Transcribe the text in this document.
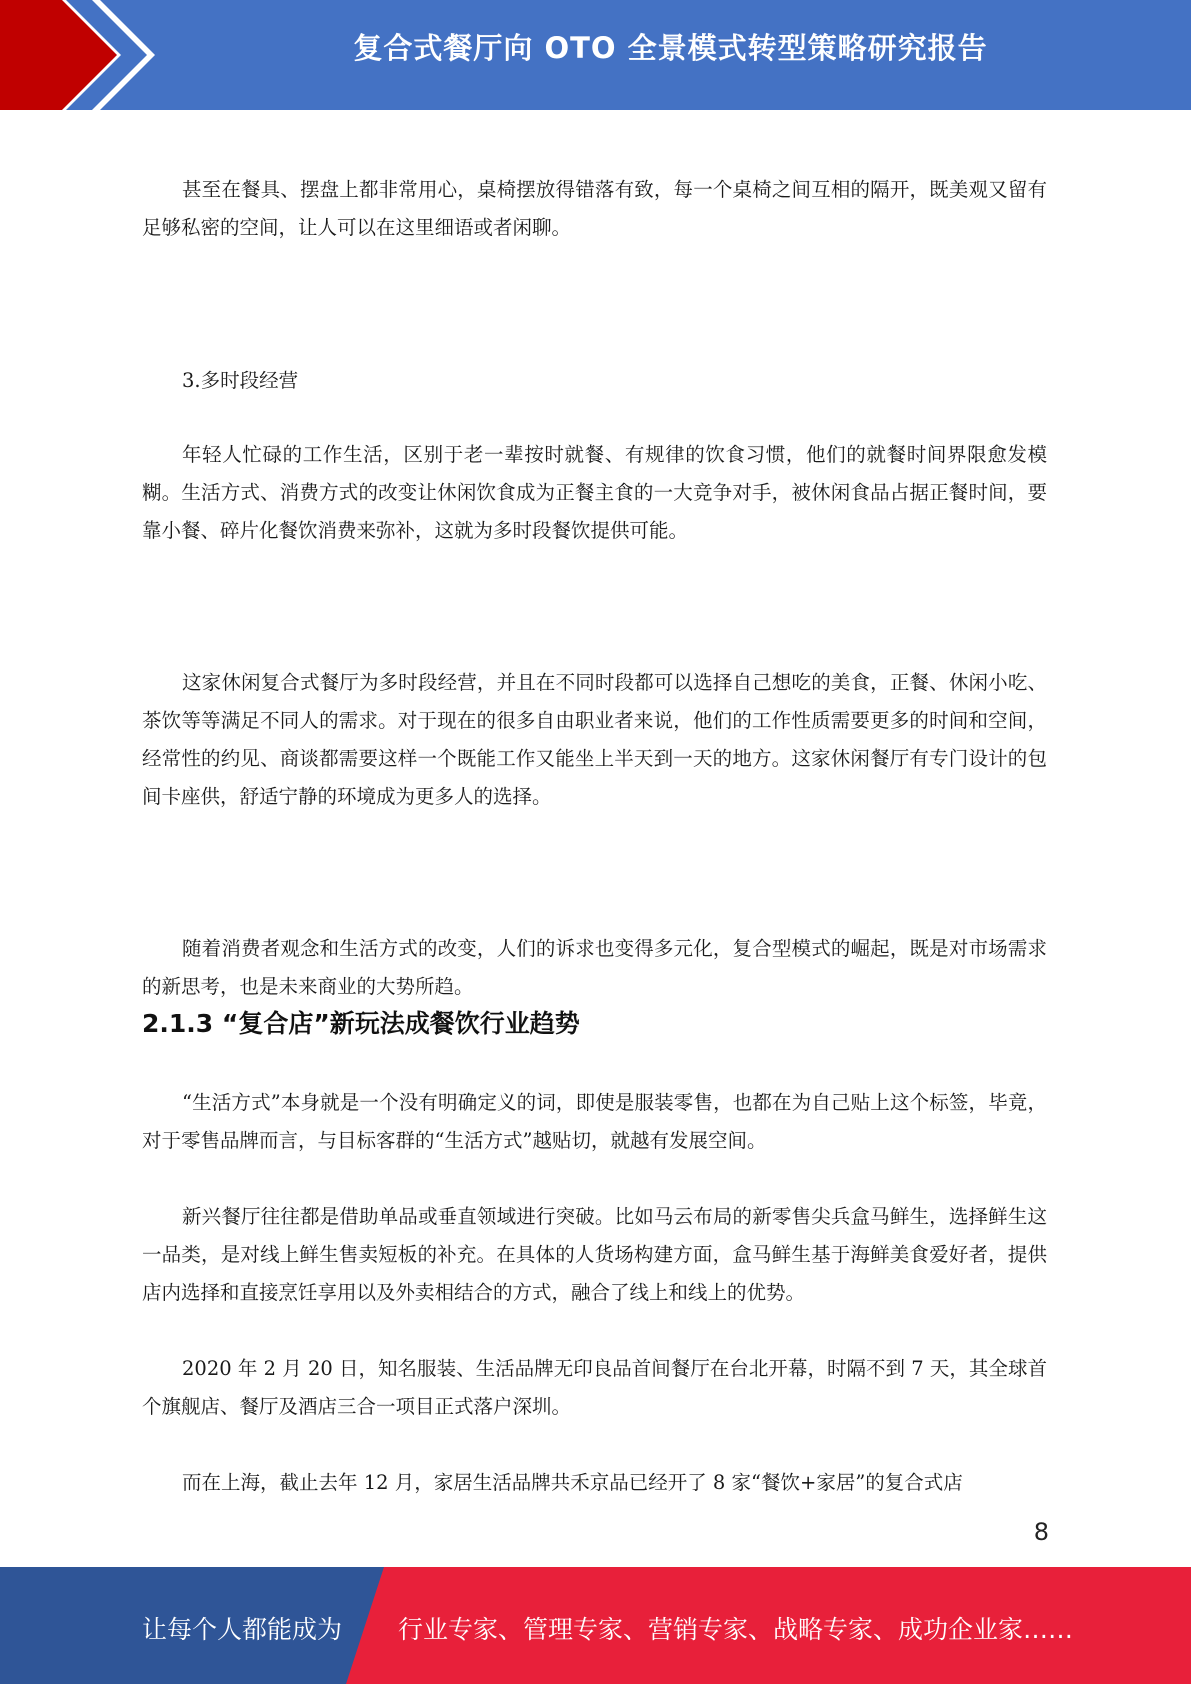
复合式餐厅向 OTO 全景模式转型策略研究报告

甚至在餐具、摆盘上都非常用心，桌椅摆放得错落有致，每一个桌椅之间互相的隔开，既美观又留有足够私密的空间，让人可以在这里细语或者闲聊。

3.多时段经营

年轻人忙碌的工作生活，区别于老一辈按时就餐、有规律的饮食习惯，他们的就餐时间界限愈发模糊。生活方式、消费方式的改变让休闲饮食成为正餐主食的一大竞争对手，被休闲食品占据正餐时间，要靠小餐、碎片化餐饮消费来弥补，这就为多时段餐饮提供可能。

这家休闲复合式餐厅为多时段经营，并且在不同时段都可以选择自己想吃的美食，正餐、休闲小吃、茶饮等等满足不同人的需求。对于现在的很多自由职业者来说，他们的工作性质需要更多的时间和空间，经常性的约见、商谈都需要这样一个既能工作又能坐上半天到一天的地方。这家休闲餐厅有专门设计的包间卡座供，舒适宁静的环境成为更多人的选择。

随着消费者观念和生活方式的改变，人们的诉求也变得多元化，复合型模式的崛起，既是对市场需求的新思考，也是未来商业的大势所趋。

2.1.3 “复合店”新玩法成餐饮行业趋势

“生活方式”本身就是一个没有明确定义的词，即使是服装零售，也都在为自己贴上这个标签，毕竟，对于零售品牌而言，与目标客群的“生活方式”越贴切，就越有发展空间。

新兴餐厅往往都是借助单品或垂直领域进行突破。比如马云布局的新零售尖兵盒马鲜生，选择鲜生这一品类，是对线上鲜生售卖短板的补充。在具体的人货场构建方面，盒马鲜生基于海鲜美食爱好者，提供店内选择和直接烹饪享用以及外卖相结合的方式，融合了线上和线上的优势。

2020 年 2 月 20 日，知名服装、生活品牌无印良品首间餐厅在台北开幕，时隔不到 7 天，其全球首个旗舰店、餐厅及酒店三合一项目正式落户深圳。

而在上海，截止去年 12 月，家居生活品牌共禾京品已经开了 8 家“餐饮+家居”的复合式店

8
让每个人都能成为 行业专家、管理专家、营销专家、战略专家、成功企业家……
